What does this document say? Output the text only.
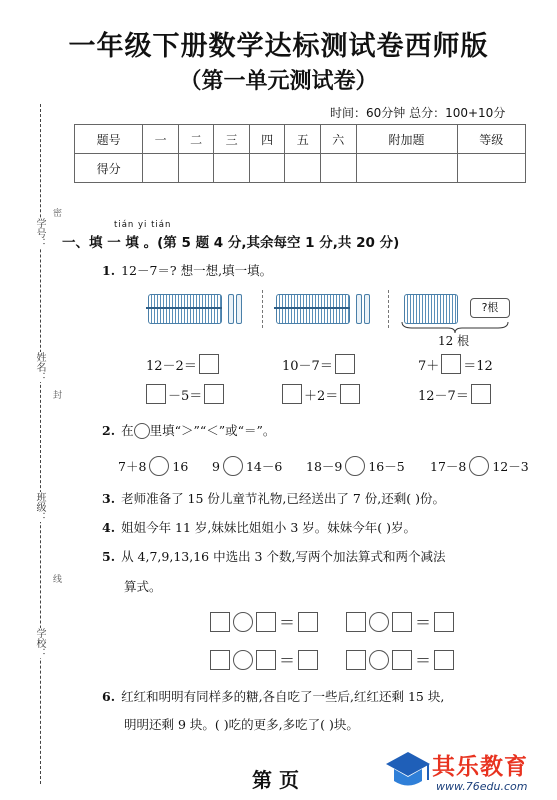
一年级下册数学达标测试卷西师版
（第一单元测试卷）
时间：60分钟 总分：100+10分
题号	一	二	三	四	五	六	附加题	等级
得分								
学号：
姓名：
班级：
学校：
密
封
线
tián yi tián
一、填 一 填 。(第 5 题 4 分,其余每空 1 分,共 20 分)
1. 12－7＝? 想一想,填一填。
?根
12 根
12－2＝
－5＝
10－7＝
＋2＝
7＋ ＝12
12－7＝
2. 在 里填“＞”“＜”或“＝”。
7＋8 16 9 14－6 18－9 16－5 17－8 12－3
3. 老师准备了 15 份儿童节礼物,已经送出了 7 份,还剩( )份。
4. 姐姐今年 11 岁,妹妹比姐姐小 3 岁。妹妹今年( )岁。
5. 从 4,7,9,13,16 中选出 3 个数,写两个加法算式和两个减法
算式。
＝	＝
＝	＝
6. 红红和明明有同样多的糖,各自吃了一些后,红红还剩 15 块,
明明还剩 9 块。( )吃的更多,多吃了( )块。
第 页	其乐教育
www.76edu.com
